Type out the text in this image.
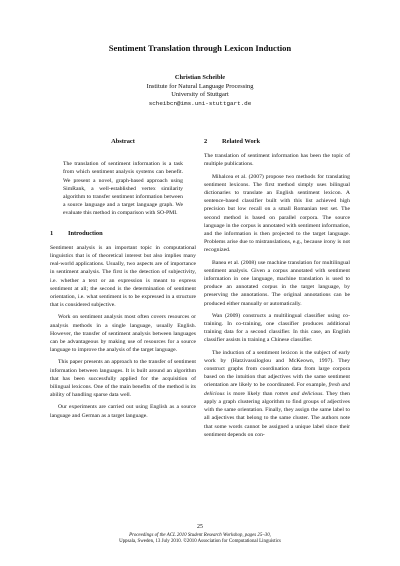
Sentiment Translation through Lexicon Induction
Christian Scheible
Institute for Natural Language Processing
University of Stuttgart
scheibcn@ims.uni-stuttgart.de
Abstract
The translation of sentiment information is a task from which sentiment analysis systems can benefit. We present a novel, graph-based approach using SimRank, a well-established vertex similarity algorithm to transfer sentiment information between a source language and a target language graph. We evaluate this method in comparison with SO-PMI.
1 Introduction

Sentiment analysis is an important topic in computational linguistics that is of theoretical interest but also implies many real-world applications. Usually, two aspects are of importance in sentiment analysis. The first is the detection of subjectivity, i.e. whether a text or an expression is meant to express sentiment at all; the second is the determination of sentiment orientation, i.e. what sentiment is to be expressed in a structure that is considered subjective.

Work on sentiment analysis most often covers resources or analysis methods in a single language, usually English. However, the transfer of sentiment analysis between languages can be advantageous by making use of resources for a source language to improve the analysis of the target language.

This paper presents an approach to the transfer of sentiment information between languages. It is built around an algorithm that has been successfully applied for the acquisition of bilingual lexicons. One of the main benefits of the method is its ability of handling sparse data well.

Our experiments are carried out using English as a source language and German as a target language.

2 Related Work

The translation of sentiment information has been the topic of multiple publications.

Mihalcea et al. (2007) propose two methods for translating sentiment lexicons. The first method simply uses bilingual dictionaries to translate an English sentiment lexicon. A sentence-based classifier built with this list achieved high precision but low recall on a small Romanian test set. The second method is based on parallel corpora. The source language in the corpus is annotated with sentiment information, and the information is then projected to the target language. Problems arise due to mistranslations, e.g., because irony is not recognized.

Banea et al. (2008) use machine translation for multilingual sentiment analysis. Given a corpus annotated with sentiment information in one language, machine translation is used to produce an annotated corpus in the target language, by preserving the annotations. The original annotations can be produced either manually or automatically.

Wan (2009) constructs a multilingual classifier using co-training. In co-training, one classifier produces additional training data for a second classifier. In this case, an English classifier assists in training a Chinese classifier.

The induction of a sentiment lexicon is the subject of early work by (Hatzivassiloglou and McKeown, 1997). They construct graphs from coordination data from large corpora based on the intuition that adjectives with the same sentiment orientation are likely to be coordinated. For example, fresh and delicious is more likely than rotten and delicious. They then apply a graph clustering algorithm to find groups of adjectives with the same orientation. Finally, they assign the same label to all adjectives that belong to the same cluster. The authors note that some words cannot be assigned a unique label since their sentiment depends on con-

25
Proceedings of the ACL 2010 Student Research Workshop, pages 25–30,
Uppsala, Sweden, 13 July 2010. ©2010 Association for Computational Linguistics
